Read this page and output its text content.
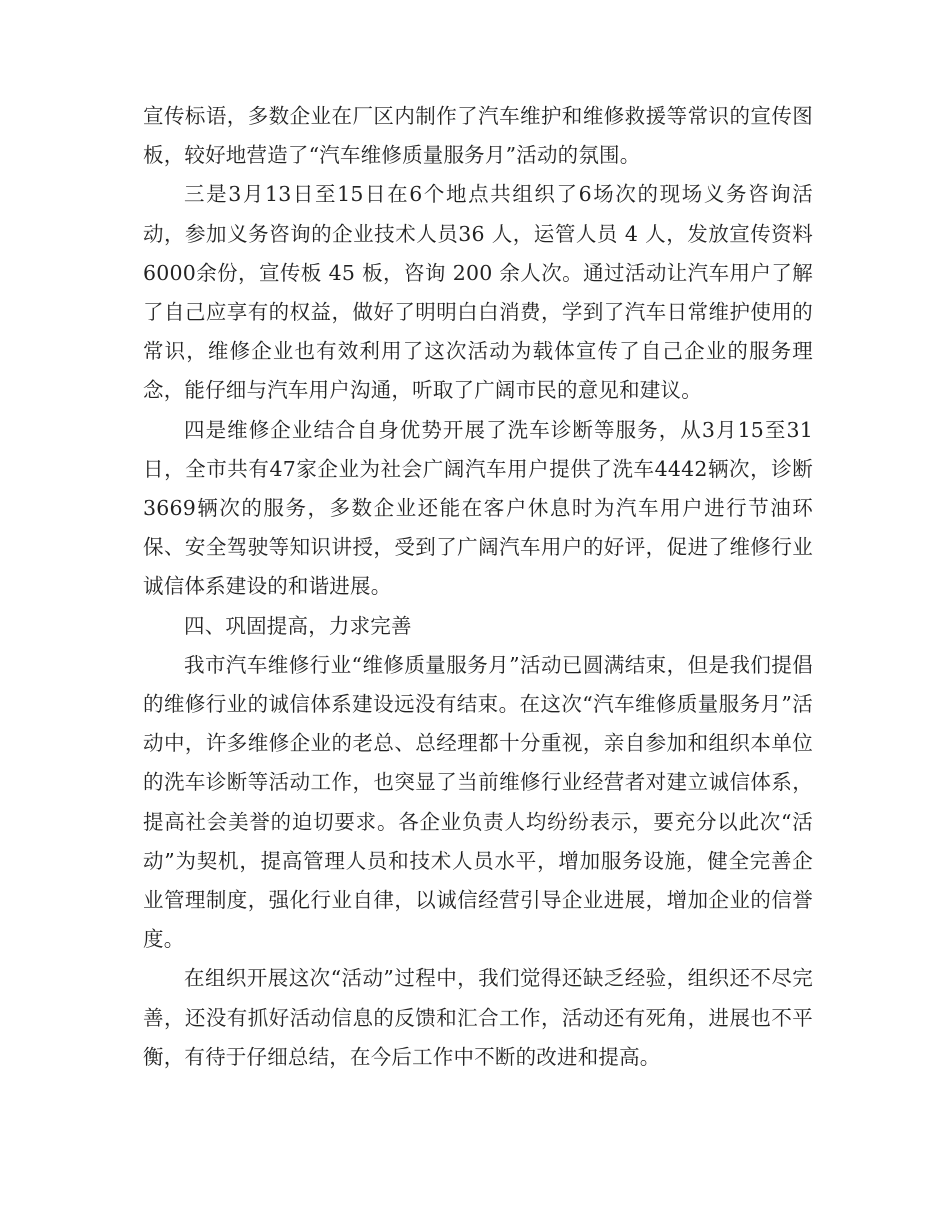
宣传标语，多数企业在厂区内制作了汽车维护和维修救援等常识的宣传图板，较好地营造了“汽车维修质量服务月”活动的氛围。

三是3月13日至15日在6个地点共组织了6场次的现场义务咨询活动，参加义务咨询的企业技术人员36 人，运管人员 4 人，发放宣传资料6000余份，宣传板 45 板，咨询 200 余人次。通过活动让汽车用户了解了自己应享有的权益，做好了明明白白消费，学到了汽车日常维护使用的常识，维修企业也有效利用了这次活动为载体宣传了自己企业的服务理念，能仔细与汽车用户沟通，听取了广阔市民的意见和建议。

四是维修企业结合自身优势开展了洗车诊断等服务，从3月15至31日，全市共有47家企业为社会广阔汽车用户提供了洗车4442辆次，诊断3669辆次的服务，多数企业还能在客户休息时为汽车用户进行节油环保、安全驾驶等知识讲授，受到了广阔汽车用户的好评，促进了维修行业诚信体系建设的和谐进展。

四、巩固提高，力求完善

我市汽车维修行业“维修质量服务月”活动已圆满结束，但是我们提倡的维修行业的诚信体系建设远没有结束。在这次“汽车维修质量服务月”活动中，许多维修企业的老总、总经理都十分重视，亲自参加和组织本单位的洗车诊断等活动工作，也突显了当前维修行业经营者对建立诚信体系，提高社会美誉的迫切要求。各企业负责人均纷纷表示，要充分以此次“活动”为契机，提高管理人员和技术人员水平，增加服务设施，健全完善企业管理制度，强化行业自律，以诚信经营引导企业进展，增加企业的信誉度。

在组织开展这次“活动”过程中，我们觉得还缺乏经验，组织还不尽完善，还没有抓好活动信息的反馈和汇合工作，活动还有死角，进展也不平衡，有待于仔细总结，在今后工作中不断的改进和提高。
